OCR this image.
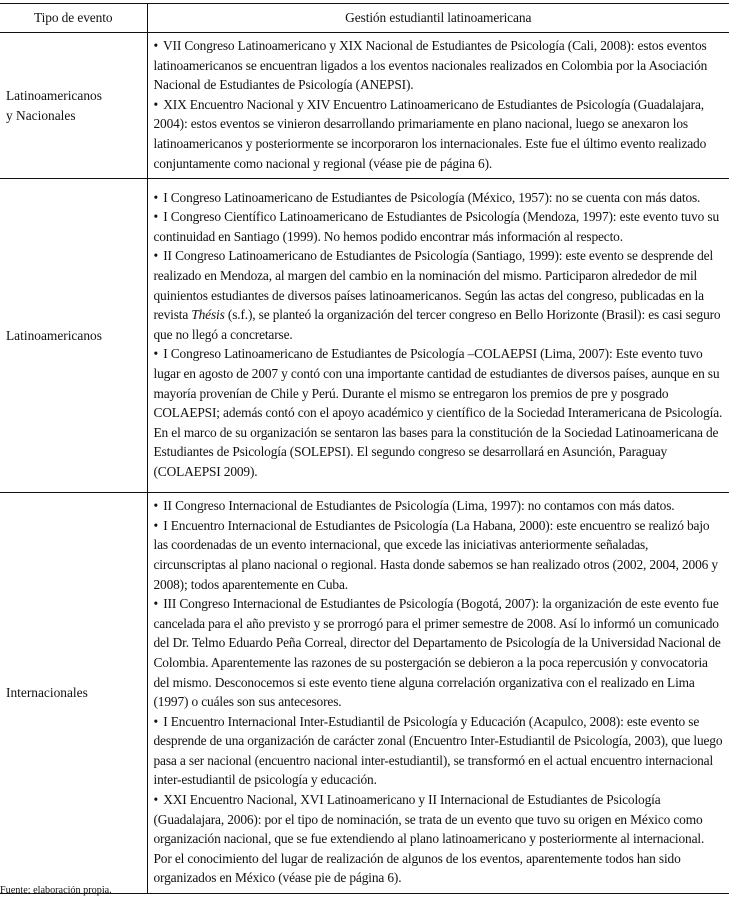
Tipo de evento	Gestión estudiantil latinoamericana

Latinoamericanos
y Nacionales	• VII Congreso Latinoamericano y XIX Nacional de Estudiantes de Psicología (Cali, 2008): estos eventos latinoamericanos se encuentran ligados a los eventos nacionales realizados en Colombia por la Asociación Nacional de Estudiantes de Psicología (ANEPSI).
• XIX Encuentro Nacional y XIV Encuentro Latinoamericano de Estudiantes de Psicología (Guadalajara, 2004): estos eventos se vinieron desarrollando primariamente en plano nacional, luego se anexaron los latinoamericanos y posteriormente se incorporaron los internacionales. Este fue el último evento realizado conjuntamente como nacional y regional (véase pie de página 6).

Latinoamericanos	• I Congreso Latinoamericano de Estudiantes de Psicología (México, 1957): no se cuenta con más datos.
• I Congreso Científico Latinoamericano de Estudiantes de Psicología (Mendoza, 1997): este evento tuvo su continuidad en Santiago (1999). No hemos podido encontrar más información al respecto.
• II Congreso Latinoamericano de Estudiantes de Psicología (Santiago, 1999): este evento se desprende del realizado en Mendoza, al margen del cambio en la nominación del mismo. Participaron alrededor de mil quinientos estudiantes de diversos países latinoamericanos. Según las actas del congreso, publicadas en la revista Thésis (s.f.), se planteó la organización del tercer congreso en Bello Horizonte (Brasil): es casi seguro que no llegó a concretarse.
• I Congreso Latinoamericano de Estudiantes de Psicología –COLAEPSI (Lima, 2007): Este evento tuvo lugar en agosto de 2007 y contó con una importante cantidad de estudiantes de diversos países, aunque en su mayoría provenían de Chile y Perú. Durante el mismo se entregaron los premios de pre y posgrado COLAEPSI; además contó con el apoyo académico y científico de la Sociedad Interamericana de Psicología. En el marco de su organización se sentaron las bases para la constitución de la Sociedad Latinoamericana de Estudiantes de Psicología (SOLEPSI). El segundo congreso se desarrollará en Asunción, Paraguay (COLAEPSI 2009).

Internacionales	• II Congreso Internacional de Estudiantes de Psicología (Lima, 1997): no contamos con más datos.
• I Encuentro Internacional de Estudiantes de Psicología (La Habana, 2000): este encuentro se realizó bajo las coordenadas de un evento internacional, que excede las iniciativas anteriormente señaladas, circunscriptas al plano nacional o regional. Hasta donde sabemos se han realizado otros (2002, 2004, 2006 y 2008); todos aparentemente en Cuba.
• III Congreso Internacional de Estudiantes de Psicología (Bogotá, 2007): la organización de este evento fue cancelada para el año previsto y se prorrogó para el primer semestre de 2008. Así lo informó un comunicado del Dr. Telmo Eduardo Peña Correal, director del Departamento de Psicología de la Universidad Nacional de Colombia. Aparentemente las razones de su postergación se debieron a la poca repercusión y convocatoria del mismo. Desconocemos si este evento tiene alguna correlación organizativa con el realizado en Lima (1997) o cuáles son sus antecesores.
• I Encuentro Internacional Inter-Estudiantil de Psicología y Educación (Acapulco, 2008): este evento se desprende de una organización de carácter zonal (Encuentro Inter-Estudiantil de Psicología, 2003), que luego pasa a ser nacional (encuentro nacional inter-estudiantil), se transformó en el actual encuentro internacional inter-estudiantil de psicología y educación.
• XXI Encuentro Nacional, XVI Latinoamericano y II Internacional de Estudiantes de Psicología (Guadalajara, 2006): por el tipo de nominación, se trata de un evento que tuvo su origen en México como organización nacional, que se fue extendiendo al plano latinoamericano y posteriormente al internacional. Por el conocimiento del lugar de realización de algunos de los eventos, aparentemente todos han sido organizados en México (véase pie de página 6).
Fuente: elaboración propia.
